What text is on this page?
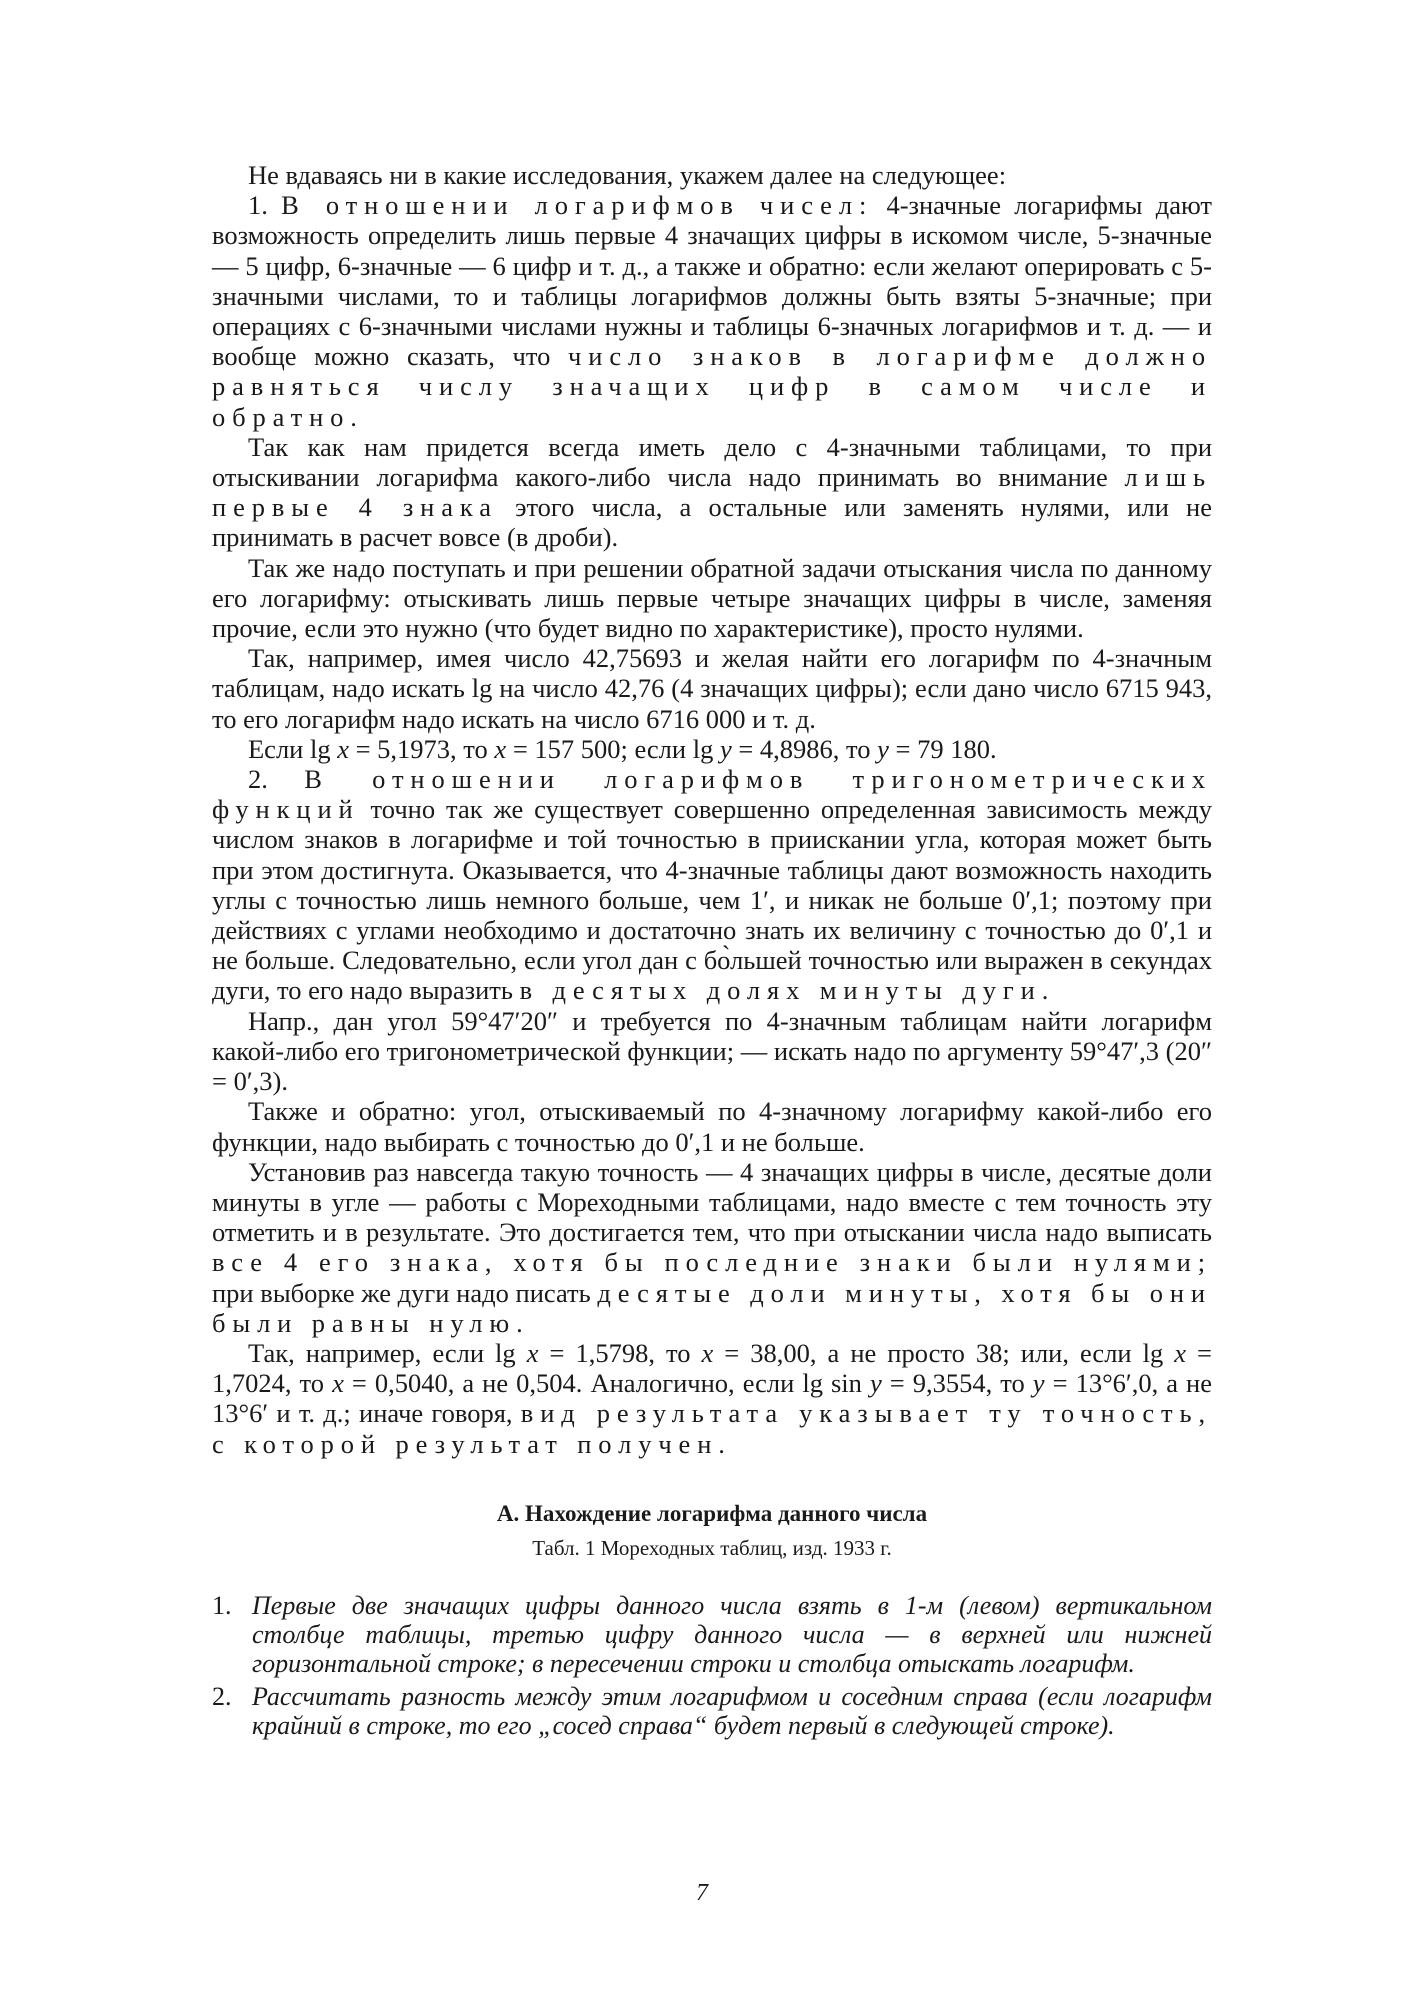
Не вдаваясь ни в какие исследования, укажем далее на следующее:

1. В отношении логарифмов чисел: 4-значные логарифмы дают возможность определить лишь первые 4 значащих цифры в искомом числе, 5-значные — 5 цифр, 6-значные — 6 цифр и т. д., а также и обратно: если желают оперировать с 5-значными числами, то и таблицы логарифмов должны быть взяты 5-значные; при операциях с 6-значными числами нужны и таблицы 6-значных логарифмов и т. д. — и вообще можно сказать, что число знаков в логарифме должно равняться числу значащих цифр в самом числе и обратно.

Так как нам придется всегда иметь дело с 4-значными таблицами, то при отыскивании логарифма какого-либо числа надо принимать во внимание лишь первые 4 знака этого числа, а остальные или заменять нулями, или не принимать в расчет вовсе (в дроби).

Так же надо поступать и при решении обратной задачи отыскания числа по данному его логарифму: отыскивать лишь первые четыре значащих цифры в числе, заменяя прочие, если это нужно (что будет видно по характеристике), просто нулями.

Так, например, имея число 42,75693 и желая найти его логарифм по 4-значным таблицам, надо искать lg на число 42,76 (4 значащих цифры); если дано число 6715 943, то его логарифм надо искать на число 6716 000 и т. д.

Если lg x = 5,1973, то x = 157 500; если lg y = 4,8986, то y = 79 180.

2. В отношении логарифмов тригонометрических функций точно так же существует совершенно определенная зависимость между числом знаков в логарифме и той точностью в приискании угла, которая может быть при этом достигнута. Оказывается, что 4-значные таблицы дают возможность находить углы с точностью лишь немного больше, чем 1′, и никак не больше 0′,1; поэтому при действиях с углами необходимо и достаточно знать их величину с точностью до 0′,1 и не больше. Следовательно, если угол дан с бо̀льшей точностью или выражен в секундах дуги, то его надо выразить в десятых долях минуты дуги.

Напр., дан угол 59°47′20″ и требуется по 4-значным таблицам найти логарифм какой-либо его тригонометрической функции; — искать надо по аргументу 59°47′,3 (20″ = 0′,3).

Также и обратно: угол, отыскиваемый по 4-значному логарифму какой-либо его функции, надо выбирать с точностью до 0′,1 и не больше.

Установив раз навсегда такую точность — 4 значащих цифры в числе, десятые доли минуты в угле — работы с Мореходными таблицами, надо вместе с тем точность эту отметить и в результате. Это достигается тем, что при отыскании числа надо выписать все 4 его знака, хотя бы последние знаки были нулями; при выборке же дуги надо писать десятые доли минуты, хотя бы они были равны нулю.

Так, например, если lg x = 1,5798, то x = 38,00, а не просто 38; или, если lg x = 1,7024, то x = 0,5040, а не 0,504. Аналогично, если lg sin y = 9,3554, то y = 13°6′,0, а не 13°6′ и т. д.; иначе говоря, вид результата указывает ту точность, с которой результат получен.

А. Нахождение логарифма данного числа
Табл. 1 Мореходных таблиц, изд. 1933 г.
1. Первые две значащих цифры данного числа взять в 1-м (левом) вертикальном столбце таблицы, третью цифру данного числа — в верхней или нижней горизонтальной строке; в пересечении строки и столбца отыскать логарифм.
2. Рассчитать разность между этим логарифмом и соседним справа (если логарифм крайний в строке, то его „сосед справа“ будет первый в следующей строке).
7
